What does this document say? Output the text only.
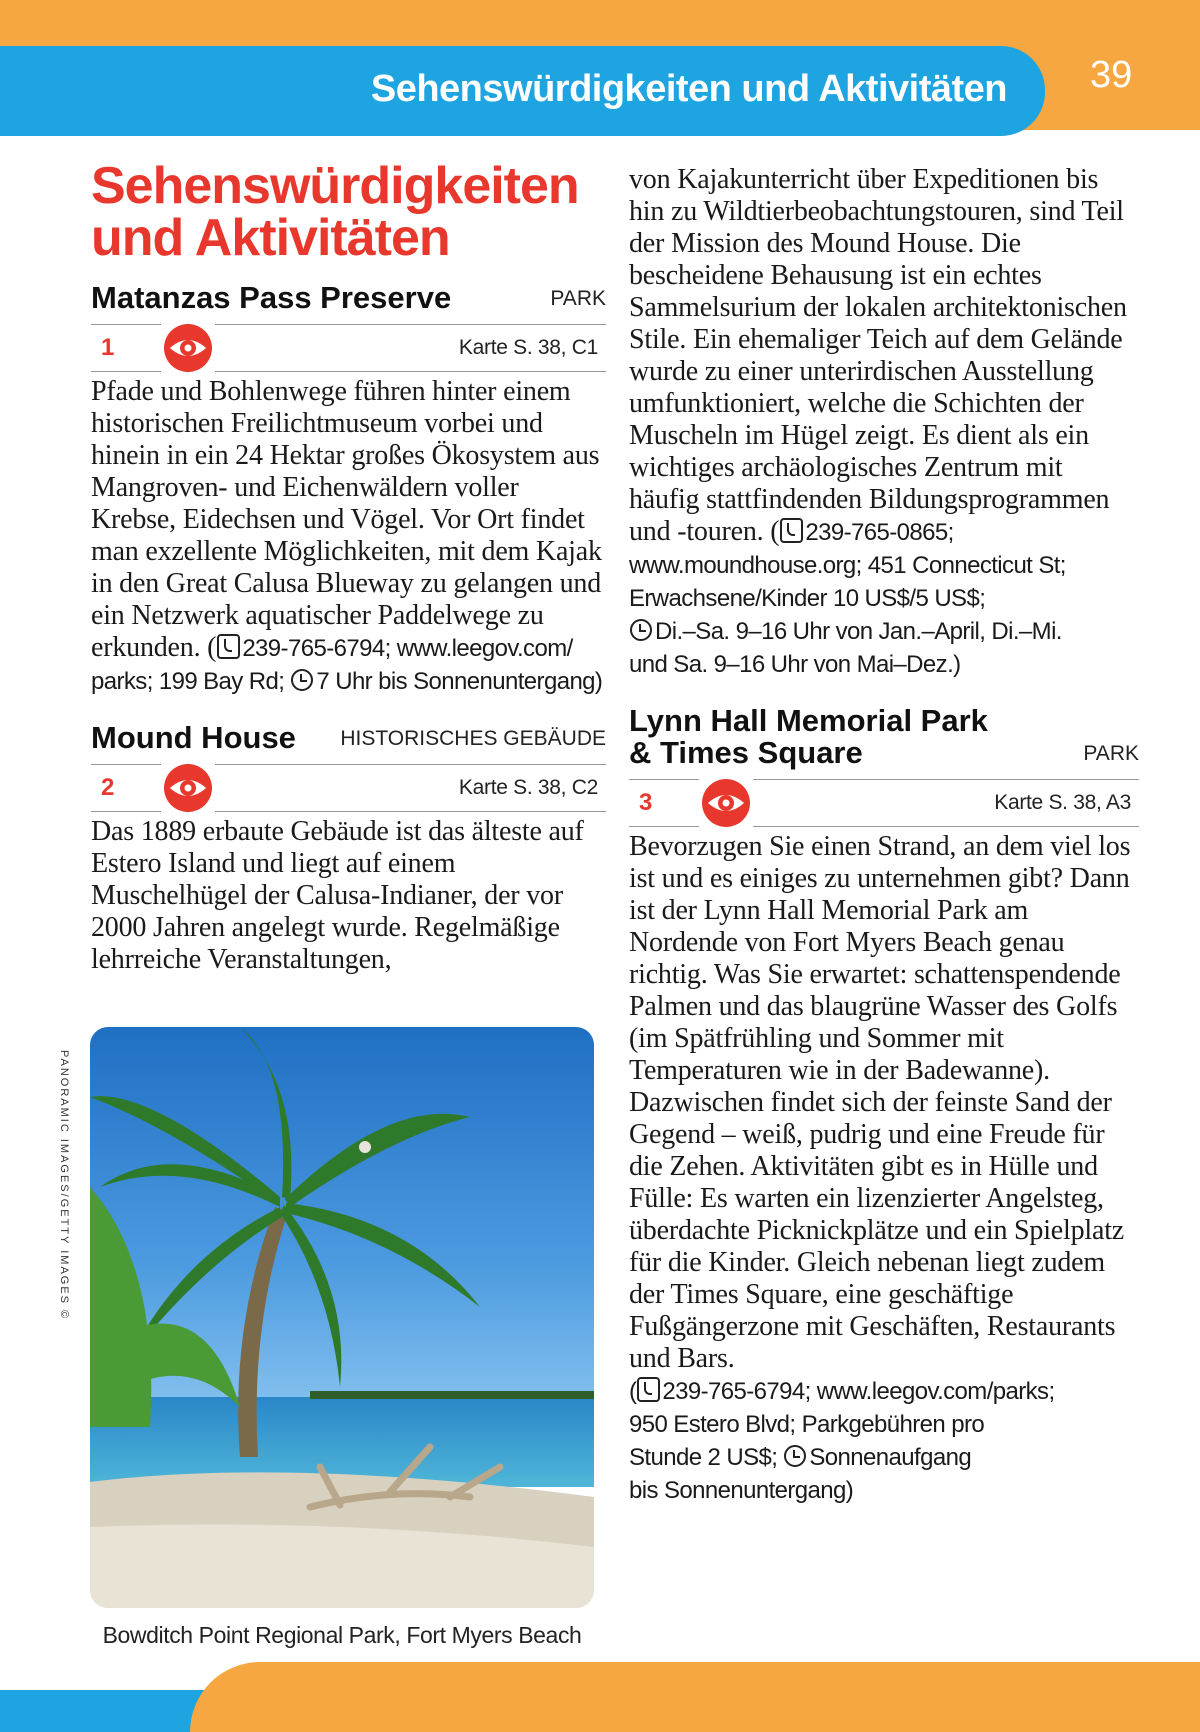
Sehenswürdigkeiten und Aktivitäten 39
Sehenswürdigkeiten
und Aktivitäten
Matanzas Pass Preserve	PARK
1	Karte S. 38, C1

Pfade und Bohlenwege führen hinter einem historischen Freilichtmuseum vorbei und hinein in ein 24 Hektar großes Ökosystem aus Mangroven- und Eichenwäldern voller Krebse, Eidechsen und Vögel. Vor Ort findet man exzellente Möglichkeiten, mit dem Kajak in den Great Calusa Blueway zu gelangen und ein Netzwerk aquatischer Paddelwege zu erkunden. ( 239-765-6794; www.leegov.com/ parks; 199 Bay Rd; 7 Uhr bis Sonnenuntergang)

Mound House HISTORISCHES GEBÄUDE
2	Karte S. 38, C2

Das 1889 erbaute Gebäude ist das älteste auf Estero Island und liegt auf einem Muschelhügel der Calusa-Indianer, der vor 2000 Jahren angelegt wurde. Regelmäßige lehrreiche Veranstaltungen,

PANORAMIC IMAGES/GETTY IMAGES ©
Bowditch Point Regional Park, Fort Myers Beach

von Kajakunterricht über Expeditionen bis hin zu Wildtierbeobachtungstouren, sind Teil der Mission des Mound House. Die bescheidene Behausung ist ein echtes Sammelsurium der lokalen architektonischen Stile. Ein ehemaliger Teich auf dem Gelände wurde zu einer unterirdischen Ausstellung umfunktioniert, welche die Schichten der Muscheln im Hügel zeigt. Es dient als ein wichtiges archäologisches Zentrum mit häufig stattfindenden Bildungsprogrammen und -touren. ( 239-765-0865;
www.moundhouse.org; 451 Connecticut St;
Erwachsene/Kinder 10 US$/5 US$;
Di.–Sa. 9–16 Uhr von Jan.–April, Di.–Mi.
und Sa. 9–16 Uhr von Mai–Dez.)

Lynn Hall Memorial Park
& Times Square	PARK
3	Karte S. 38, A3

Bevorzugen Sie einen Strand, an dem viel los ist und es einiges zu unternehmen gibt? Dann ist der Lynn Hall Memorial Park am Nordende von Fort Myers Beach genau richtig. Was Sie erwartet: schattenspendende Palmen und das blaugrüne Wasser des Golfs (im Spätfrühling und Sommer mit Temperaturen wie in der Badewanne). Dazwischen findet sich der feinste Sand der Gegend – weiß, pudrig und eine Freude für die Zehen. Aktivitäten gibt es in Hülle und Fülle: Es warten ein lizenzierter Angelsteg, überdachte Picknickplätze und ein Spielplatz für die Kinder. Gleich nebenan liegt zudem der Times Square, eine geschäftige Fußgängerzone mit Geschäften, Restaurants und Bars.
( 239-765-6794; www.leegov.com/parks;
950 Estero Blvd; Parkgebühren pro
Stunde 2 US$; Sonnenaufgang
bis Sonnenuntergang)
